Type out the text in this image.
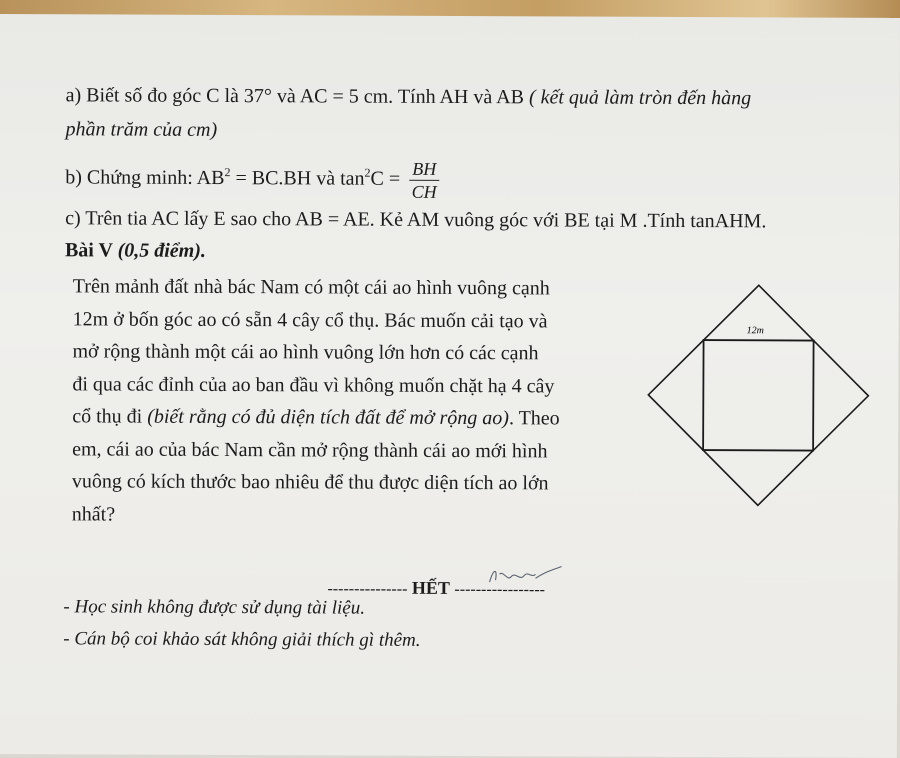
a) Biết số đo góc C là 37° và AC = 5 cm. Tính AH và AB ( kết quả làm tròn đến hàng
phần trăm của cm)
b) Chứng minh: $AB^2 = BC.BH$ và $\tan^2C = \frac{BH}{CH}$
c) Trên tia AC lấy E sao cho AB = AE. Kẻ AM vuông góc với BE tại M .Tính tanAHM.
Bài V (0,5 điểm).

Trên mảnh đất nhà bác Nam có một cái ao hình vuông cạnh

12m ở bốn góc ao có sẵn 4 cây cổ thụ. Bác muốn cải tạo và

mở rộng thành một cái ao hình vuông lớn hơn có các cạnh

đi qua các đỉnh của ao ban đầu vì không muốn chặt hạ 4 cây

cổ thụ đi (biết rằng có đủ diện tích đất để mở rộng ao). Theo

em, cái ao của bác Nam cần mở rộng thành cái ao mới hình

vuông có kích thước bao nhiêu để thu được diện tích ao lớn

nhất?

12m
--------------- HẾT -----------------
- Học sinh không được sử dụng tài liệu.
- Cán bộ coi khảo sát không giải thích gì thêm.
